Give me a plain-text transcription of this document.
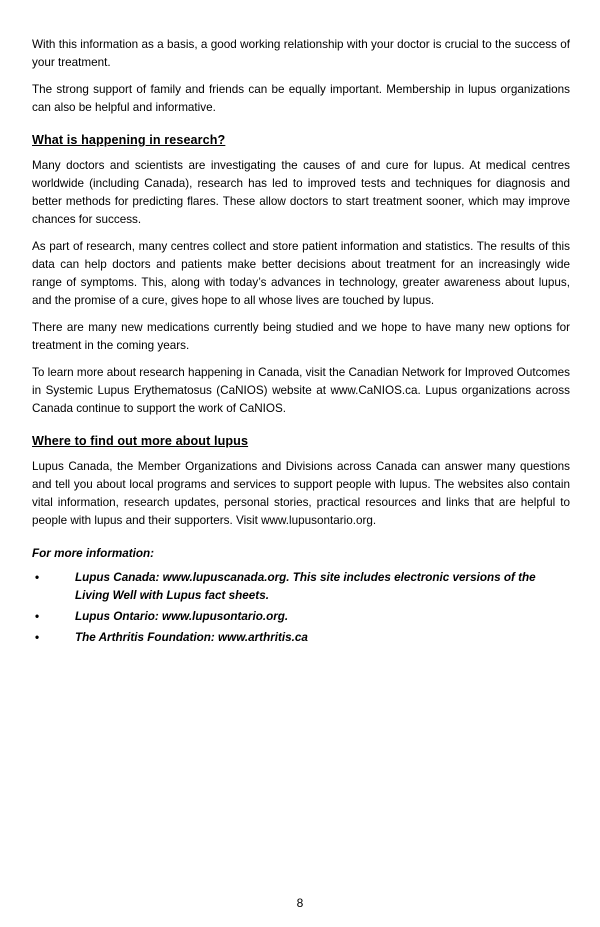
With this information as a basis, a good working relationship with your doctor is crucial to the success of your treatment.

The strong support of family and friends can be equally important. Membership in lupus organizations can also be helpful and informative.

What is happening in research?

Many doctors and scientists are investigating the causes of and cure for lupus. At medical centres worldwide (including Canada), research has led to improved tests and techniques for diagnosis and better methods for predicting flares. These allow doctors to start treatment sooner, which may improve chances for success.

As part of research, many centres collect and store patient information and statistics. The results of this data can help doctors and patients make better decisions about treatment for an increasingly wide range of symptoms. This, along with today’s advances in technology, greater awareness about lupus, and the promise of a cure, gives hope to all whose lives are touched by lupus.

There are many new medications currently being studied and we hope to have many new options for treatment in the coming years.

To learn more about research happening in Canada, visit the Canadian Network for Improved Outcomes in Systemic Lupus Erythematosus (CaNIOS) website at www.CaNIOS.ca. Lupus organizations across Canada continue to support the work of CaNIOS.

Where to find out more about lupus

Lupus Canada, the Member Organizations and Divisions across Canada can answer many questions and tell you about local programs and services to support people with lupus. The websites also contain vital information, research updates, personal stories, practical resources and links that are helpful to people with lupus and their supporters. Visit www.lupusontario.org.

For more information:

• Lupus Canada: www.lupuscanada.org. This site includes electronic versions of the Living Well with Lupus fact sheets.
• Lupus Ontario: www.lupusontario.org.
• The Arthritis Foundation: www.arthritis.ca
8
